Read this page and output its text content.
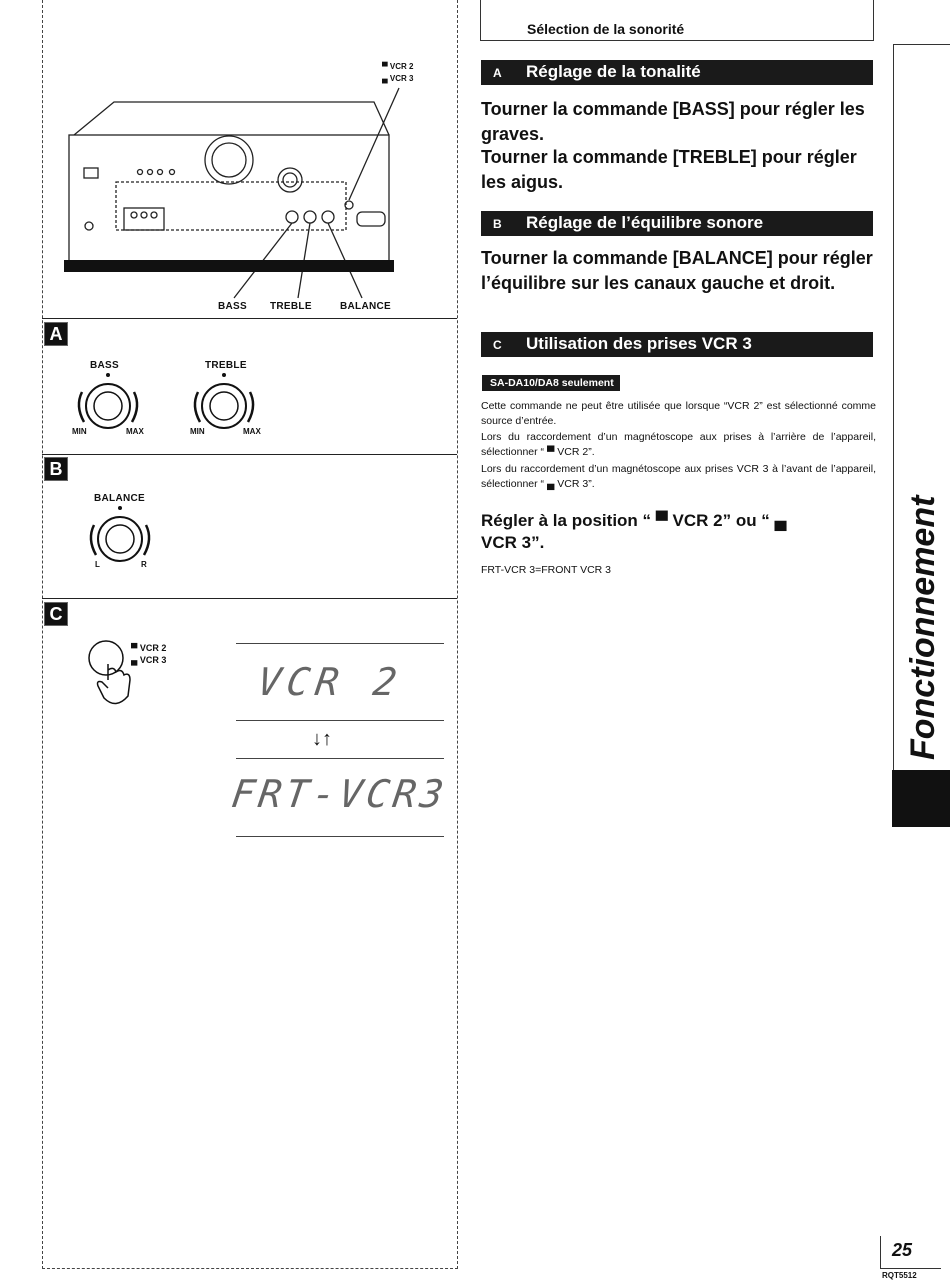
▀ VCR 2
▄ VCR 3
BASS TREBLE	BALANCE
A
BASS	TREBLE
MIN	MAX	MIN	MAX
B
BALANCE
L	R
C
▀ VCR 2
▄ VCR 3 VCR 2
↓↑
FRT-VCR3
Sélection de la sonorité
A Réglage de la tonalité
Tourner la commande [BASS] pour régler les graves.
Tourner la commande [TREBLE] pour régler les aigus.
B Réglage de l’équilibre sonore
Tourner la commande [BALANCE] pour régler l’équilibre sur les canaux gauche et droit.
C Utilisation des prises VCR 3
SA-DA10/DA8 seulement
Cette commande ne peut être utilisée que lorsque “VCR 2” est sélectionné comme source d’entrée.
Lors du raccordement d’un magnétoscope aux prises à l’arrière de l’appareil, sélectionner “ ▀ VCR 2”.
Lors du raccordement d’un magnétoscope aux prises VCR 3 à l’avant de l’appareil, sélectionner “ ▄ VCR 3”.
Régler à la position “ ▀ VCR 2” ou “ ▄ VCR 3”.
FRT-VCR 3=FRONT VCR 3	Fonctionnement
25
RQT5512
